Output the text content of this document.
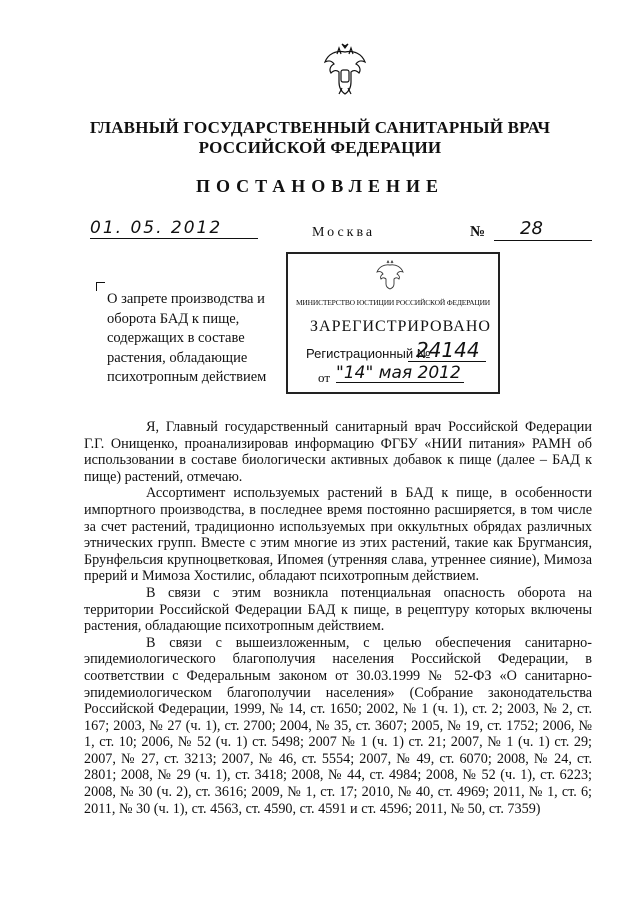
ГЛАВНЫЙ ГОСУДАРСТВЕННЫЙ САНИТАРНЫЙ ВРАЧ
РОССИЙСКОЙ ФЕДЕРАЦИИ
ПОСТАНОВЛЕНИЕ
01. 05. 2012	Москва	№ 28
О запрете производства и оборота БАД к пище, содержащих в составе растения, обладающие психотропным действием
МИНИСТЕРСТВО ЮСТИЦИИ РОССИЙСКОЙ ФЕДЕРАЦИИ
ЗАРЕГИСТРИРОВАНО
Регистрационный №
24144
от "14" мая 2012

Я, Главный государственный санитарный врач Российской Федерации Г.Г. Онищенко, проанализировав информацию ФГБУ «НИИ питания» РАМН об использовании в составе биологически активных добавок к пище (далее – БАД к пище) растений, отмечаю.

Ассортимент используемых растений в БАД к пище, в особенности импортного производства, в последнее время постоянно расширяется, в том числе за счет растений, традиционно используемых при оккультных обрядах различных этнических групп. Вместе с этим многие из этих растений, такие как Бругмансия, Брунфельсия крупноцветковая, Ипомея (утренняя слава, утреннее сияние), Мимоза прерий и Мимоза Хостилис, обладают психотропным действием.

В связи с этим возникла потенциальная опасность оборота на территории Российской Федерации БАД к пище, в рецептуру которых включены растения, обладающие психотропным действием.

В связи с вышеизложенным, с целью обеспечения санитарно-эпидемиологического благополучия населения Российской Федерации, в соответствии с Федеральным законом от 30.03.1999 № 52-ФЗ «О санитарно-эпидемиологическом благополучии населения» (Собрание законодательства Российской Федерации, 1999, № 14, ст. 1650; 2002, № 1 (ч. 1), ст. 2; 2003, № 2, ст. 167; 2003, № 27 (ч. 1), ст. 2700; 2004, № 35, ст. 3607; 2005, № 19, ст. 1752; 2006, № 1, ст. 10; 2006, № 52 (ч. 1) ст. 5498; 2007 № 1 (ч. 1) ст. 21; 2007, № 1 (ч. 1) ст. 29; 2007, № 27, ст. 3213; 2007, № 46, ст. 5554; 2007, № 49, ст. 6070; 2008, № 24, ст. 2801; 2008, № 29 (ч. 1), ст. 3418; 2008, № 44, ст. 4984; 2008, № 52 (ч. 1), ст. 6223; 2008, № 30 (ч. 2), ст. 3616; 2009, № 1, ст. 17; 2010, № 40, ст. 4969; 2011, № 1, ст. 6; 2011, № 30 (ч. 1), ст. 4563, ст. 4590, ст. 4591 и ст. 4596; 2011, № 50, ст. 7359)
